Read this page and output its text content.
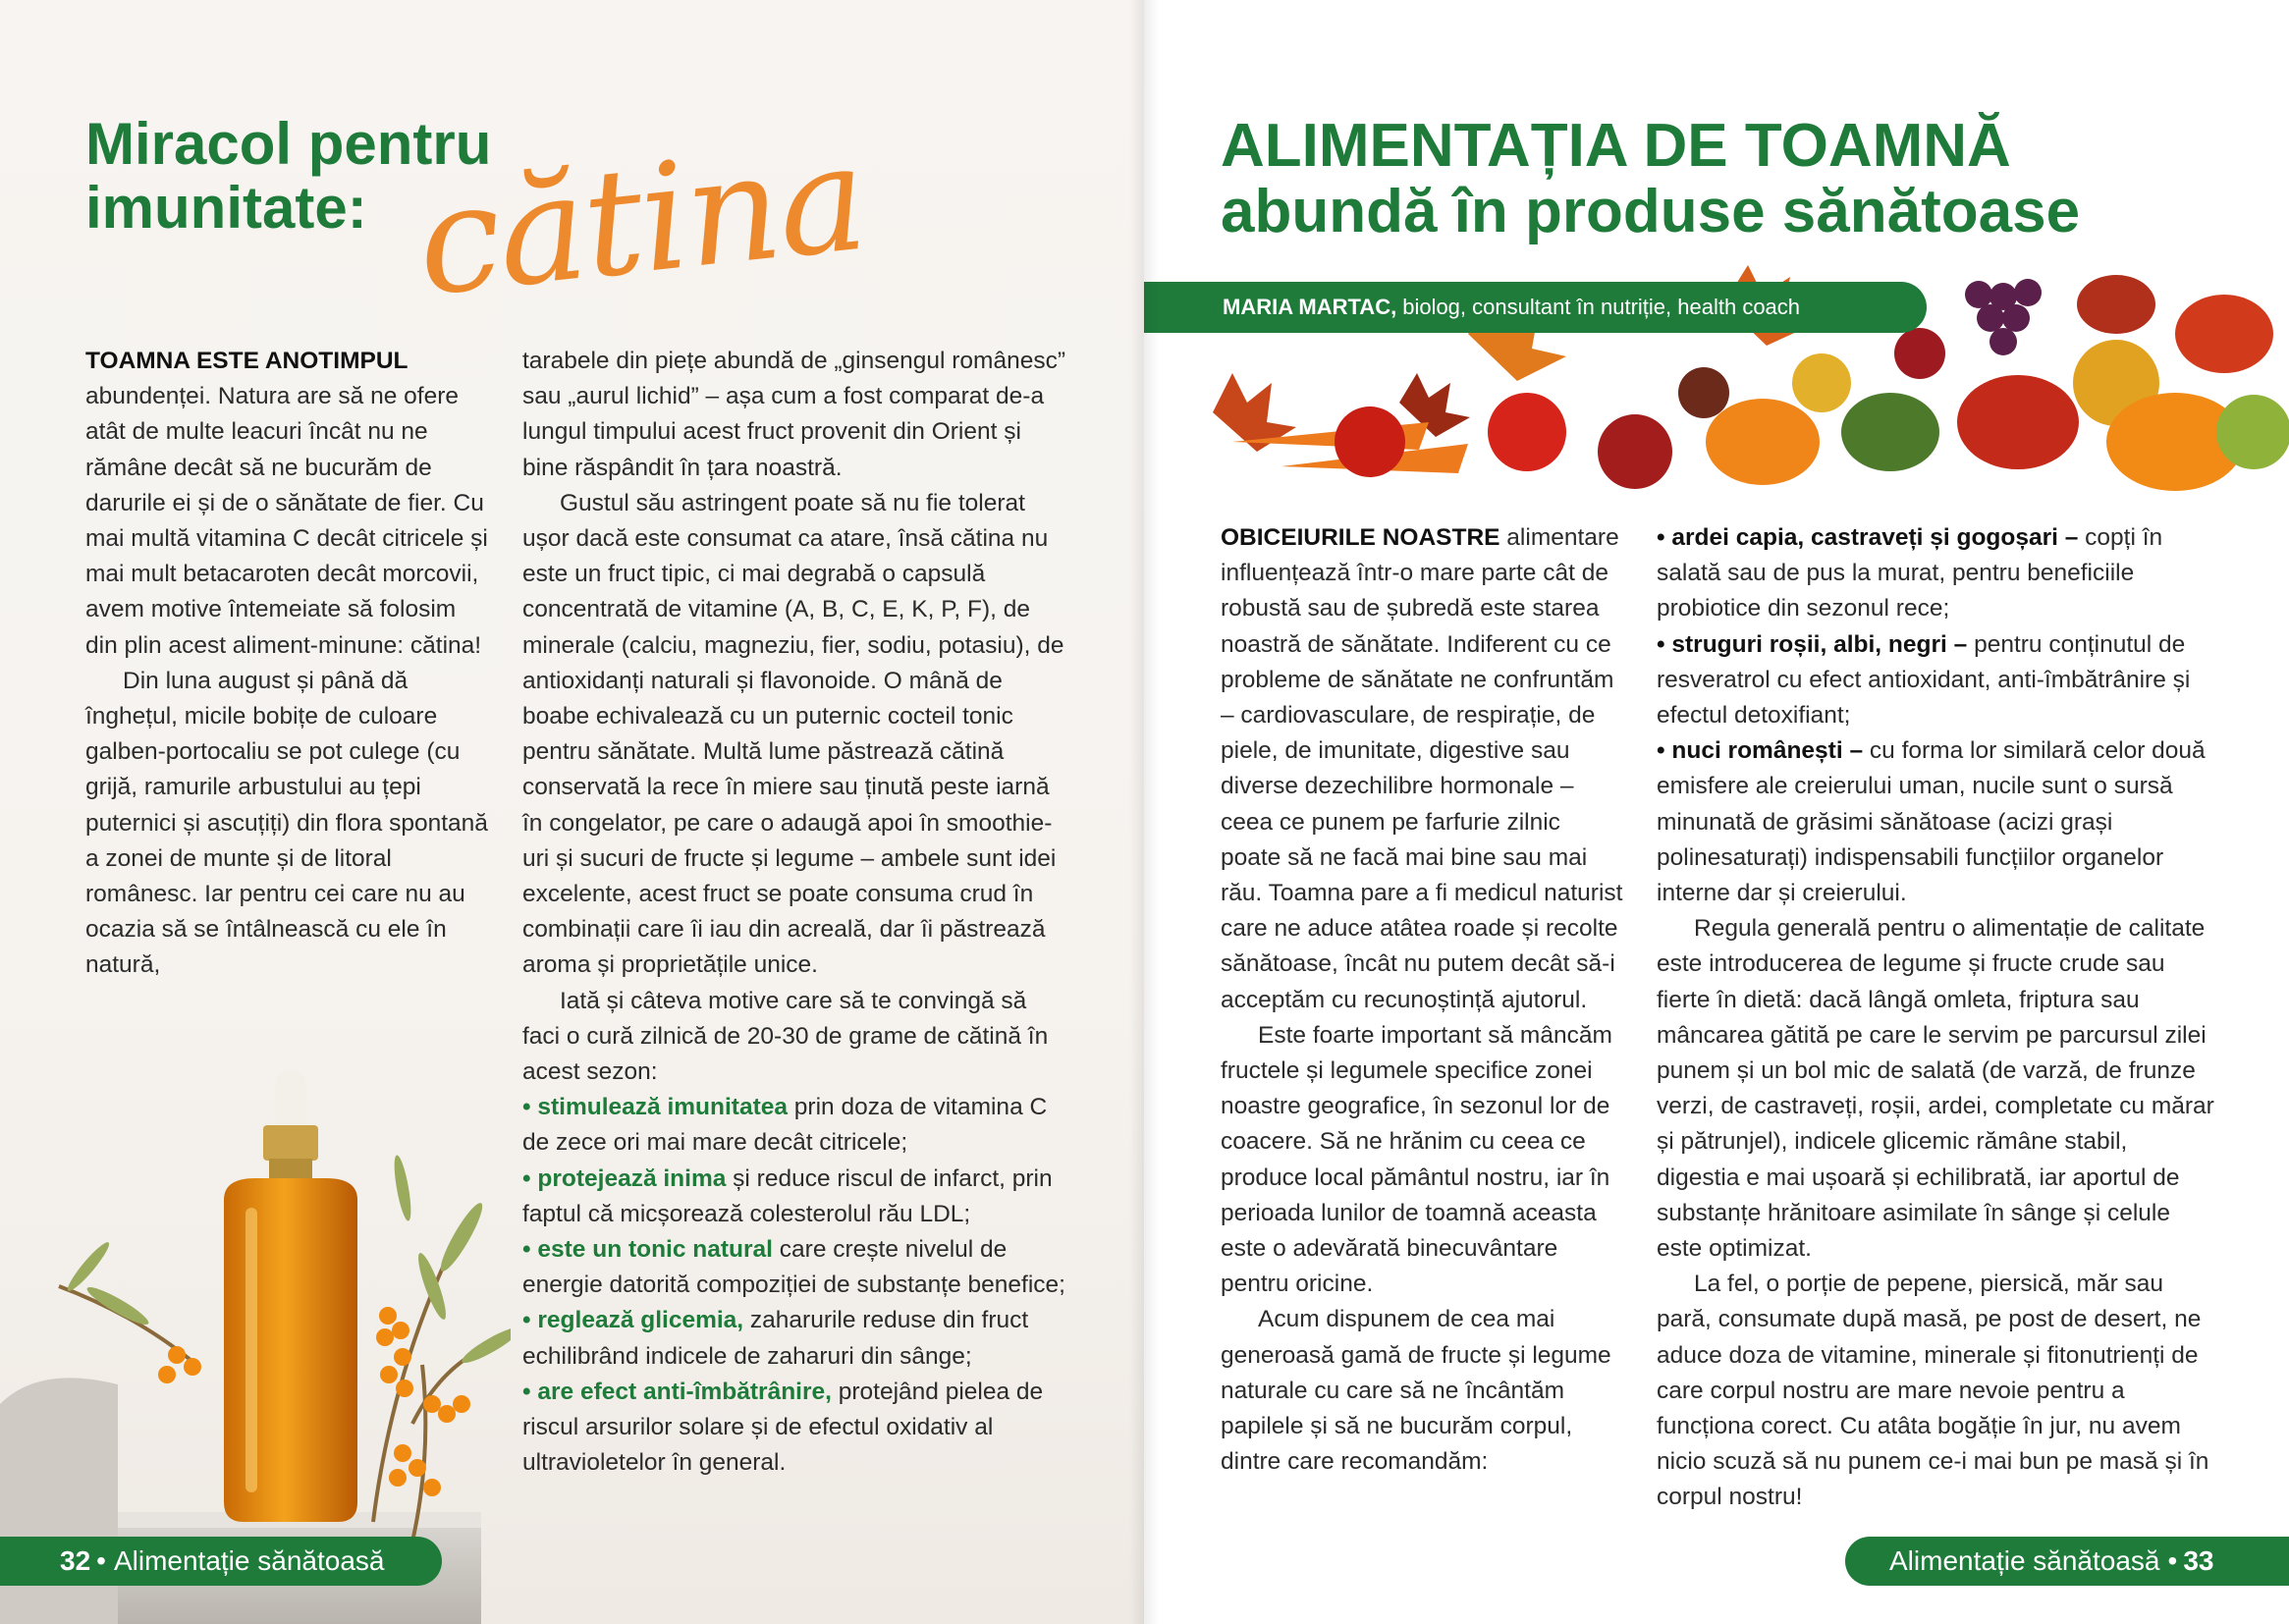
Miracol pentru
imunitate: cătina

TOAMNA ESTE ANOTIMPUL
abundenței. Natura are să ne ofere atât de multe leacuri încât nu ne rămâne decât să ne bucurăm de darurile ei și de o sănătate de fier. Cu mai multă vitamina C decât citricele și mai mult betacaroten decât morcovii, avem motive întemeiate să folosim din plin acest aliment-minune: cătina!

Din luna august și până dă înghețul, micile bobițe de culoare galben-portocaliu se pot culege (cu grijă, ramurile arbustului au țepi puternici și ascuțiți) din flora spontană a zonei de munte și de litoral românesc. Iar pentru cei care nu au ocazia să se întâlnească cu ele în natură,

tarabele din piețe abundă de „ginsengul românesc” sau „aurul lichid” – așa cum a fost comparat de-a lungul timpului acest fruct provenit din Orient și bine răspândit în țara noastră.

Gustul său astringent poate să nu fie tolerat ușor dacă este consumat ca atare, însă cătina nu este un fruct tipic, ci mai degrabă o capsulă concentrată de vitamine (A, B, C, E, K, P, F), de minerale (calciu, magneziu, fier, sodiu, potasiu), de antioxidanți naturali și flavonoide. O mână de boabe echivalează cu un puternic cocteil tonic pentru sănătate. Multă lume păstrează cătină conservată la rece în miere sau ținută peste iarnă în congelator, pe care o adaugă apoi în smoothie-uri și sucuri de fructe și legume – ambele sunt idei excelente, acest fruct se poate consuma crud în combinații care îi iau din acreală, dar îi păstrează aroma și proprietățile unice.

Iată și câteva motive care să te convingă să faci o cură zilnică de 20-30 de grame de cătină în acest sezon:

• stimulează imunitatea prin doza de vitamina C de zece ori mai mare decât citricele;

• protejează inima și reduce riscul de infarct, prin faptul că micșorează colesterolul rău LDL;

• este un tonic natural care crește nivelul de energie datorită compoziției de substanțe benefice;

• reglează glicemia, zaharurile reduse din fruct echilibrând indicele de zaharuri din sânge;

• are efect anti-îmbătrânire, protejând pielea de riscul arsurilor solare și de efectul oxidativ al ultravioletelor în general.

32 • Alimentație sănătoasă
ALIMENTAȚIA DE TOAMNĂ
abundă în produse sănătoase
MARIA MARTAC, biolog, consultant în nutriție, health coach

OBICEIURILE NOASTRE alimentare influențează într-o mare parte cât de robustă sau de șubredă este starea noastră de sănătate. Indiferent cu ce probleme de sănătate ne confruntăm – cardiovasculare, de respirație, de piele, de imunitate, digestive sau diverse dezechilibre hormonale – ceea ce punem pe farfurie zilnic poate să ne facă mai bine sau mai rău. Toamna pare a fi medicul naturist care ne aduce atâtea roade și recolte sănătoase, încât nu putem decât să-i acceptăm cu recunoștință ajutorul.

Este foarte important să mâncăm fructele și legumele specifice zonei noastre geografice, în sezonul lor de coacere. Să ne hrănim cu ceea ce produce local pământul nostru, iar în perioada lunilor de toamnă aceasta este o adevărată binecuvântare pentru oricine.

Acum dispunem de cea mai generoasă gamă de fructe și legume naturale cu care să ne încântăm papilele și să ne bucurăm corpul, dintre care recomandăm:

• ardei capia, castraveți și gogoșari – copți în salată sau de pus la murat, pentru beneficiile probiotice din sezonul rece;

• struguri roșii, albi, negri – pentru conținutul de resveratrol cu efect antioxidant, anti-îmbătrânire și efectul detoxifiant;

• nuci românești – cu forma lor similară celor două emisfere ale creierului uman, nucile sunt o sursă minunată de grăsimi sănătoase (acizi grași polinesaturați) indispensabili funcțiilor organelor interne dar și creierului.

Regula generală pentru o alimentație de calitate este introducerea de legume și fructe crude sau fierte în dietă: dacă lângă omleta, friptura sau mâncarea gătită pe care le servim pe parcursul zilei punem și un bol mic de salată (de varză, de frunze verzi, de castraveți, roșii, ardei, completate cu mărar și pătrunjel), indicele glicemic rămâne stabil, digestia e mai ușoară și echilibrată, iar aportul de substanțe hrănitoare asimilate în sânge și celule este optimizat.

La fel, o porție de pepene, piersică, măr sau pară, consumate după masă, pe post de desert, ne aduce doza de vitamine, minerale și fitonutrienți de care corpul nostru are mare nevoie pentru a funcționa corect. Cu atâta bogăție în jur, nu avem nicio scuză să nu punem ce-i mai bun pe masă și în corpul nostru!

Alimentație sănătoasă • 33
